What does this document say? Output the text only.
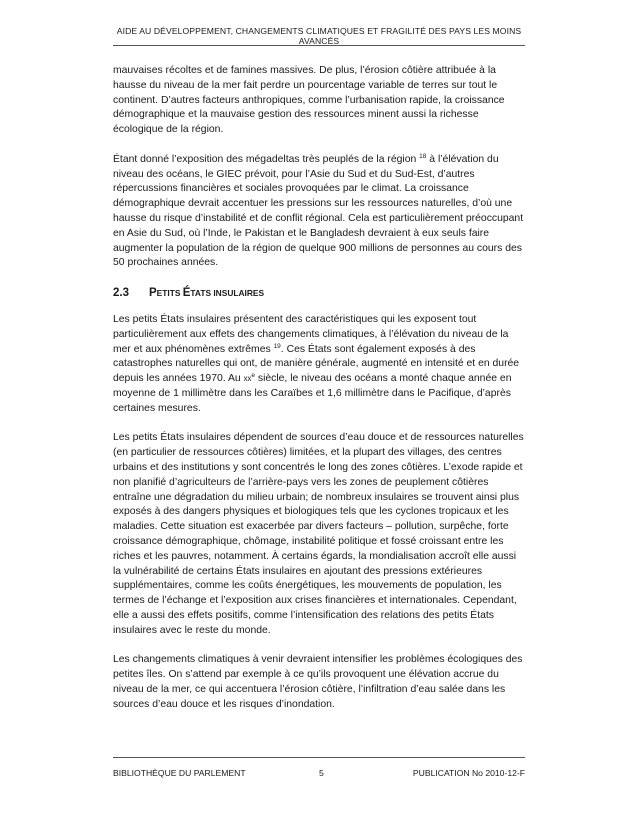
AIDE AU DÉVELOPPEMENT, CHANGEMENTS CLIMATIQUES ET FRAGILITÉ DES PAYS LES MOINS AVANCÉS

mauvaises récoltes et de famines massives. De plus, l’érosion côtière attribuée à la hausse du niveau de la mer fait perdre un pourcentage variable de terres sur tout le continent. D’autres facteurs anthropiques, comme l’urbanisation rapide, la croissance démographique et la mauvaise gestion des ressources minent aussi la richesse écologique de la région.

Étant donné l’exposition des mégadeltas très peuplés de la région $^{18}$ à l’élévation du niveau des océans, le GIEC prévoit, pour l’Asie du Sud et du Sud-Est, d’autres répercussions financières et sociales provoquées par le climat. La croissance démographique devrait accentuer les pressions sur les ressources naturelles, d’où une hausse du risque d’instabilité et de conflit régional. Cela est particulièrement préoccupant en Asie du Sud, où l’Inde, le Pakistan et le Bangladesh devraient à eux seuls faire augmenter la population de la région de quelque 900 millions de personnes au cours des 50 prochaines années.

2.3 PETITS ÉTATS INSULAIRES

Les petits États insulaires présentent des caractéristiques qui les exposent tout particulièrement aux effets des changements climatiques, à l’élévation du niveau de la mer et aux phénomènes extrêmes $^{19}$. Ces États sont également exposés à des catastrophes naturelles qui ont, de manière générale, augmenté en intensité et en durée depuis les années 1970. Au $xx^e$ siècle, le niveau des océans a monté chaque année en moyenne de 1 millimètre dans les Caraïbes et 1,6 millimètre dans le Pacifique, d’après certaines mesures.

Les petits États insulaires dépendent de sources d’eau douce et de ressources naturelles (en particulier de ressources côtières) limitées, et la plupart des villages, des centres urbains et des institutions y sont concentrés le long des zones côtières. L’exode rapide et non planifié d’agriculteurs de l’arrière-pays vers les zones de peuplement côtières entraîne une dégradation du milieu urbain; de nombreux insulaires se trouvent ainsi plus exposés à des dangers physiques et biologiques tels que les cyclones tropicaux et les maladies. Cette situation est exacerbée par divers facteurs – pollution, surpêche, forte croissance démographique, chômage, instabilité politique et fossé croissant entre les riches et les pauvres, notamment. À certains égards, la mondialisation accroît elle aussi la vulnérabilité de certains États insulaires en ajoutant des pressions extérieures supplémentaires, comme les coûts énergétiques, les mouvements de population, les termes de l’échange et l’exposition aux crises financières et internationales. Cependant, elle a aussi des effets positifs, comme l’intensification des relations des petits États insulaires avec le reste du monde.

Les changements climatiques à venir devraient intensifier les problèmes écologiques des petites îles. On s’attend par exemple à ce qu’ils provoquent une élévation accrue du niveau de la mer, ce qui accentuera l’érosion côtière, l’infiltration d’eau salée dans les sources d’eau douce et les risques d’inondation.

BIBLIOTHÈQUE DU PARLEMENT	5	PUBLICATION No 2010-12-F
